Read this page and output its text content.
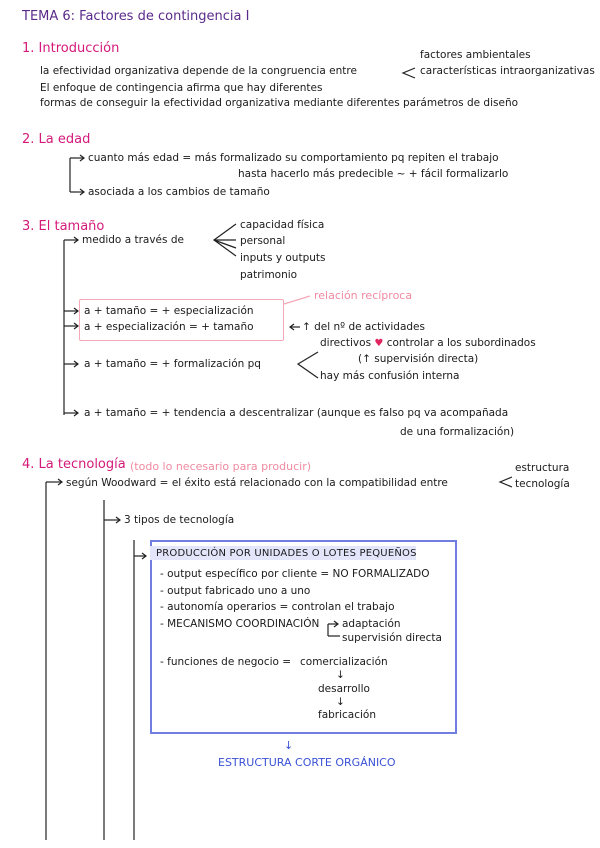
TEMA 6: Factores de contingencia I
1. Introducción	factores ambientales
la efectividad organizativa depende de la congruencia entre	características intraorganizativas
El enfoque de contingencia afirma que hay diferentes
formas de conseguir la efectividad organizativa mediante diferentes parámetros de diseño
2. La edad
cuanto más edad = más formalizado su comportamiento pq repiten el trabajo
hasta hacerlo más predecible ~ + fácil formalizarlo
asociada a los cambios de tamaño
3. El tamaño
medido a través de
capacidad física
personal
inputs y outputs
patrimonio
relación recíproca
a + tamaño = + especialización
a + especialización = + tamaño	↑ del nº de actividades
directivos ♥ controlar a los subordinados
a + tamaño = + formalización pq	(↑ supervisión directa)
hay más confusión interna
a + tamaño = + tendencia a descentralizar (aunque es falso pq va acompañada
de una formalización)
4. La tecnología (todo lo necesario para producir)	estructura
según Woodward = el éxito está relacionado con la compatibilidad entre	tecnología
3 tipos de tecnología
PRODUCCIÓN POR UNIDADES O LOTES PEQUEÑOS
- output específico por cliente = NO FORMALIZADO
- output fabricado uno a uno
- autonomía operarios = controlan el trabajo
- MECANISMO COORDINACIÓN adaptación
supervisión directa
- funciones de negocio = comercialización
↓
desarrollo
↓
fabricación
↓
ESTRUCTURA CORTE ORGÁNICO
